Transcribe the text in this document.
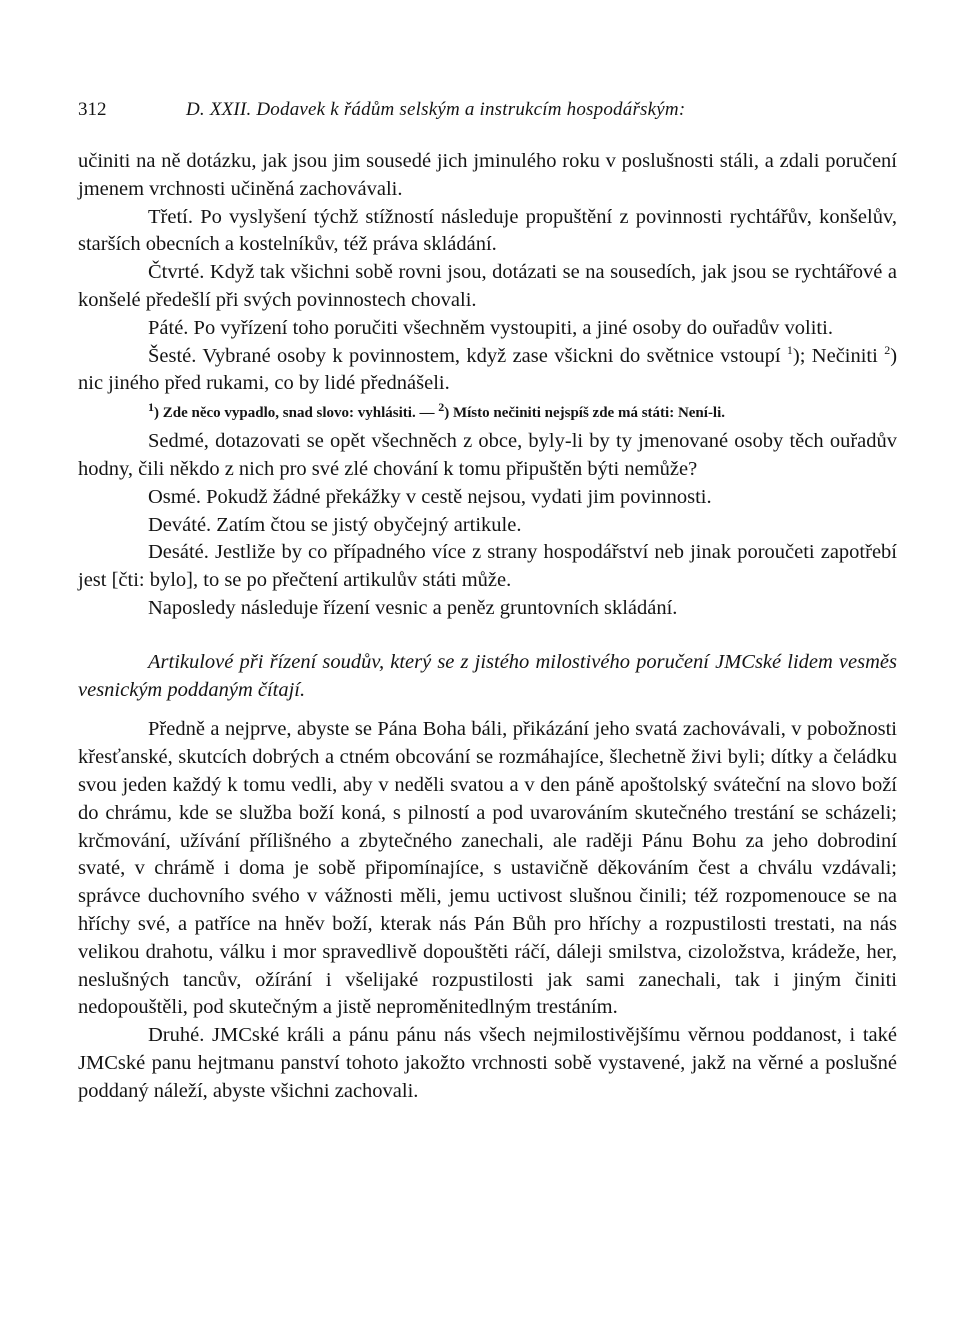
312	D. XXII. Dodavek k řádům selským a instrukcím hospodářským:

učiniti na ně dotázku, jak jsou jim sousedé jich jminulého roku v poslušnosti stáli, a zdali poručení jmenem vrchnosti učiněná zachovávali.

Třetí. Po vyslyšení týchž stížností následuje propuštění z povinnosti rychtářův, konšelův, starších obecních a kostelníkův, též práva skládání.

Čtvrté. Když tak všichni sobě rovni jsou, dotázati se na sousedích, jak jsou se rychtářové a konšelé předešlí při svých povinnostech chovali.

Páté. Po vyřízení toho poručiti všechněm vystoupiti, a jiné osoby do ouřadův voliti.

Šesté. Vybrané osoby k povinnostem, když zase všickni do světnice vstoupí $^1$); Nečiniti $^2$) nic jiného před rukami, co by lidé přednášeli.

$^1$) Zde něco vypadlo, snad slovo: vyhlásiti. — $^2$) Místo nečiniti nejspíš zde má státi: Není-li.

Sedmé, dotazovati se opět všechněch z obce, byly-li by ty jmenované osoby těch ouřadův hodny, čili někdo z nich pro své zlé chování k tomu připuštěn býti nemůže?

Osmé. Pokudž žádné překážky v cestě nejsou, vydati jim povinnosti.

Deváté. Zatím čtou se jistý obyčejný artikule.

Desáté. Jestliže by co případného více z strany hospodářství neb jinak poroučeti zapotřebí jest [čti: bylo], to se po přečtení artikulův státi může.

Naposledy následuje řízení vesnic a peněz gruntovních skládání.

Artikulové při řízení soudův, který se z jistého milostivého poručení JMCské lidem vesměs vesnickým poddaným čítají.

Předně a nejprve, abyste se Pána Boha báli, přikázání jeho svatá zachovávali, v pobožnosti křesťanské, skutcích dobrých a ctném obcování se rozmáhajíce, šlechetně živi byli; dítky a čeládku svou jeden každý k tomu vedli, aby v neděli svatou a v den páně apoštolský sváteční na slovo boží do chrámu, kde se služba boží koná, s pilností a pod uvarováním skutečného trestání se scházeli; krčmování, užívání přílišného a zbytečného zanechali, ale raději Pánu Bohu za jeho dobrodiní svaté, v chrámě i doma je sobě připomínajíce, s ustavičně děkováním čest a chválu vzdávali; správce duchovního svého v vážnosti měli, jemu uctivost slušnou činili; též rozpomenouce se na hříchy své, a patříce na hněv boží, kterak nás Pán Bůh pro hříchy a rozpustilosti trestati, na nás velikou drahotu, válku i mor spravedlivě dopouštěti ráčí, dáleji smilstva, cizoložstva, krádeže, her, neslušných tancův, ožírání i všelijaké rozpustilosti jak sami zanechali, tak i jiným činiti nedopouštěli, pod skutečným a jistě neproměnitedlným trestáním.

Druhé. JMCské králi a pánu pánu nás všech nejmilostivějšímu věrnou poddanost, i také JMCské panu hejtmanu panství tohoto jakožto vrchnosti sobě vystavené, jakž na věrné a poslušné poddaný náleží, abyste všichni zachovali.
